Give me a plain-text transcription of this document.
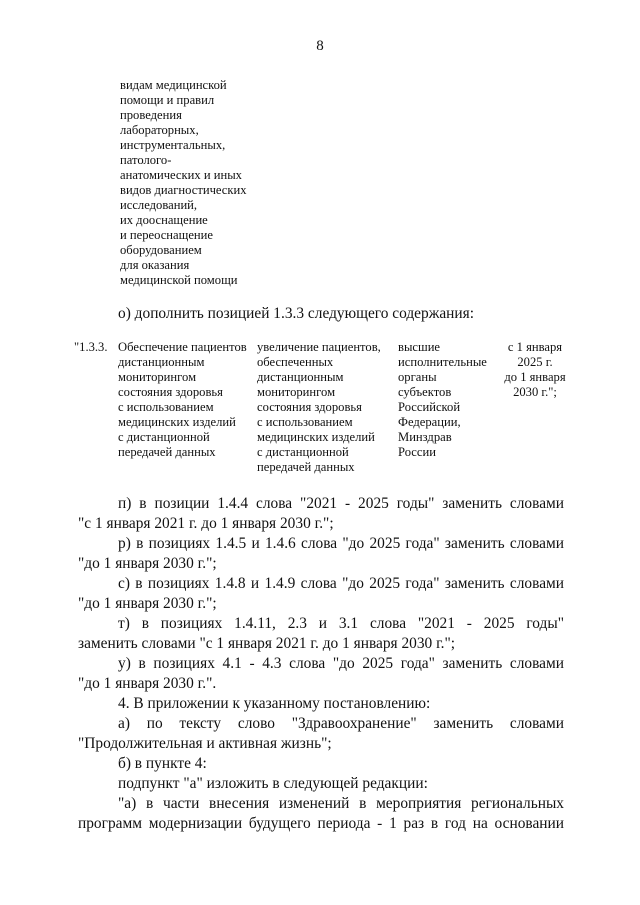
8
видам медицинской
помощи и правил
проведения
лабораторных,
инструментальных,
патолого-
анатомических и иных
видов диагностических
исследований,
их дооснащение
и переоснащение
оборудованием
для оказания
медицинской помощи
о) дополнить позицией 1.3.3 следующего содержания:
"1.3.3. Обеспечение пациентов
дистанционным
мониторингом
состояния здоровья
с использованием
медицинских изделий
с дистанционной
передачей данных
увеличение пациентов,
обеспеченных
дистанционным
мониторингом
состояния здоровья
с использованием
медицинских изделий
с дистанционной
передачей данных
высшие
исполнительные
органы
субъектов
Российской
Федерации,
Минздрав
России
с 1 января
2025 г.
до 1 января
2030 г.";
п) в позиции 1.4.4 слова "2021 - 2025 годы" заменить словами
"с 1 января 2021 г. до 1 января 2030 г.";
р) в позициях 1.4.5 и 1.4.6 слова "до 2025 года" заменить словами
"до 1 января 2030 г.";
с) в позициях 1.4.8 и 1.4.9 слова "до 2025 года" заменить словами
"до 1 января 2030 г.";
т) в позициях 1.4.11, 2.3 и 3.1 слова "2021 - 2025 годы"
заменить словами "с 1 января 2021 г. до 1 января 2030 г.";
у) в позициях 4.1 - 4.3 слова "до 2025 года" заменить словами
"до 1 января 2030 г.".
4. В приложении к указанному постановлению:
а) по тексту слово "Здравоохранение" заменить словами
"Продолжительная и активная жизнь";
б) в пункте 4:
подпункт "а" изложить в следующей редакции:
"а) в части внесения изменений в мероприятия региональных
программ модернизации будущего периода - 1 раз в год на основании
